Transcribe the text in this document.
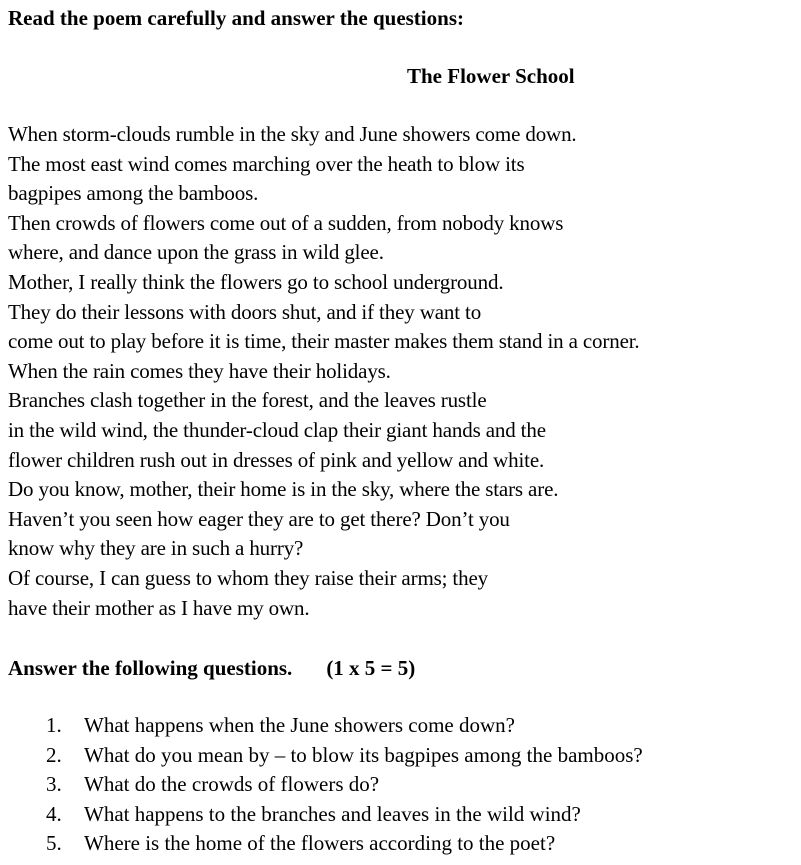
Read the poem carefully and answer the questions:
The Flower School
When storm-clouds rumble in the sky and June showers come down.
The most east wind comes marching over the heath to blow its
bagpipes among the bamboos.
Then crowds of flowers come out of a sudden, from nobody knows
where, and dance upon the grass in wild glee.
Mother, I really think the flowers go to school underground.
They do their lessons with doors shut, and if they want to
come out to play before it is time, their master makes them stand in a corner.
When the rain comes they have their holidays.
Branches clash together in the forest, and the leaves rustle
in the wild wind, the thunder-cloud clap their giant hands and the
flower children rush out in dresses of pink and yellow and white.
Do you know, mother, their home is in the sky, where the stars are.
Haven’t you seen how eager they are to get there? Don’t you
know why they are in such a hurry?
Of course, I can guess to whom they raise their arms; they
have their mother as I have my own.
Answer the following questions. (1 x 5 = 5)
1. What happens when the June showers come down?
2. What do you mean by – to blow its bagpipes among the bamboos?
3. What do the crowds of flowers do?
4. What happens to the branches and leaves in the wild wind?
5. Where is the home of the flowers according to the poet?
